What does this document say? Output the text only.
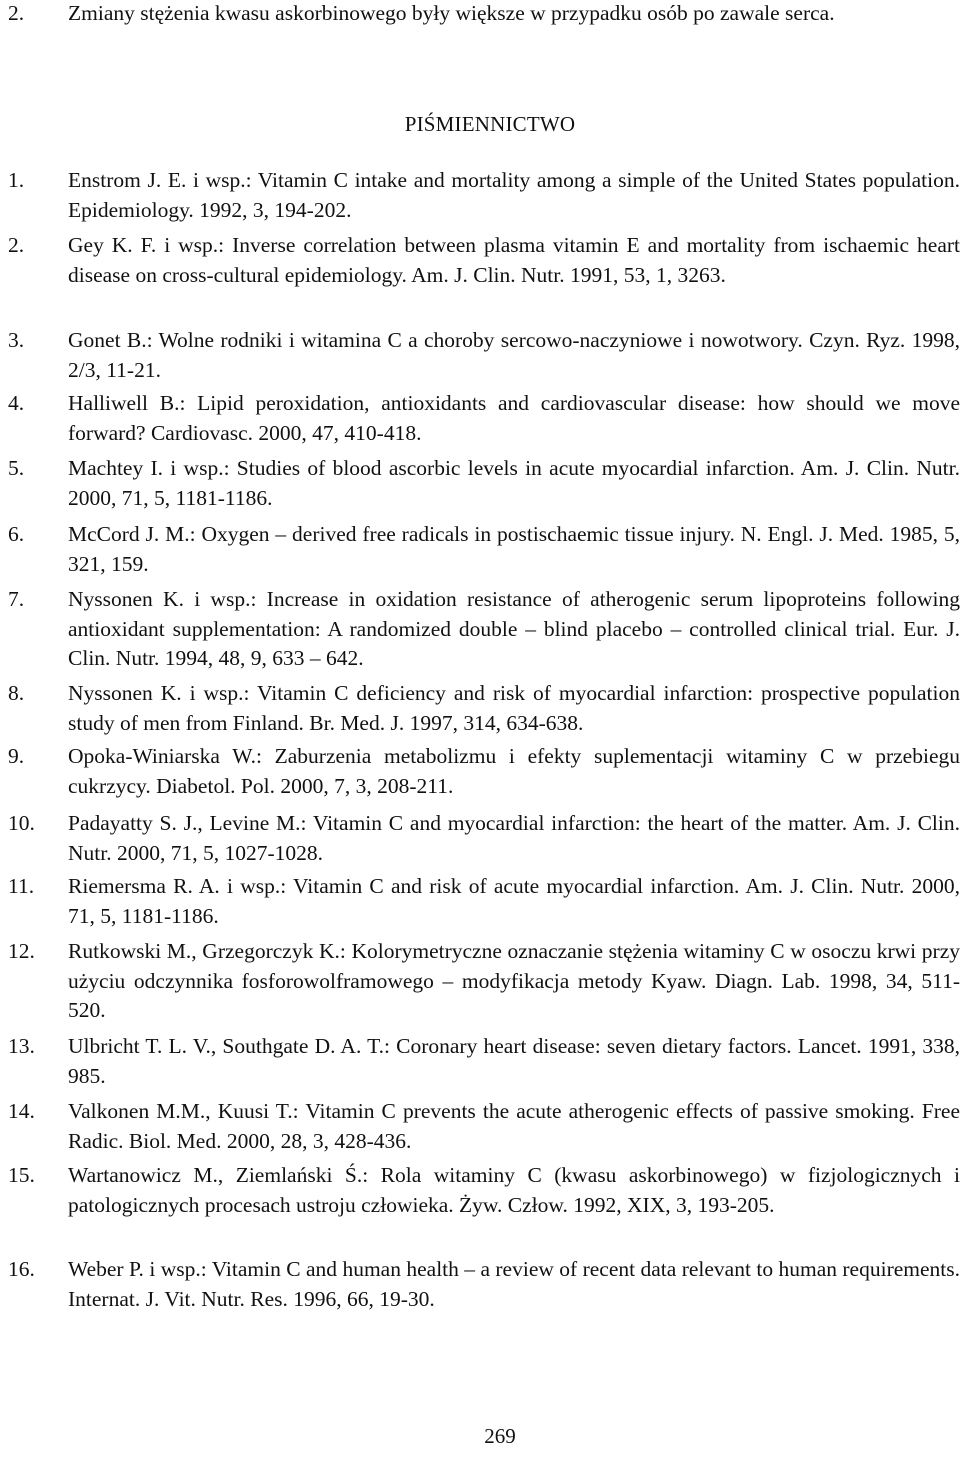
2.	Zmiany stężenia kwasu askorbinowego były większe w przypadku osób po zawale serca.
PIŚMIENNICTWO
1.	Enstrom J. E. i wsp.: Vitamin C intake and mortality among a simple of the United States population. Epidemiology. 1992, 3, 194-202.
2.	Gey K. F. i wsp.: Inverse correlation between plasma vitamin E and mortality from ischaemic heart disease on cross-cultural epidemiology. Am. J. Clin. Nutr. 1991, 53, 1, 3263.
3.	Gonet B.: Wolne rodniki i witamina C a choroby sercowo-naczyniowe i nowotwory. Czyn. Ryz. 1998, 2/3, 11-21.
4.	Halliwell B.: Lipid peroxidation, antioxidants and cardiovascular disease: how should we move forward? Cardiovasc. 2000, 47, 410-418.
5.	Machtey I. i wsp.: Studies of blood ascorbic levels in acute myocardial infarction. Am. J. Clin. Nutr. 2000, 71, 5, 1181-1186.
6.	McCord J. M.: Oxygen – derived free radicals in postischaemic tissue injury. N. Engl. J. Med. 1985, 5, 321, 159.
7.	Nyssonen K. i wsp.: Increase in oxidation resistance of atherogenic serum lipoproteins following antioxidant supplementation: A randomized double – blind placebo – controlled clinical trial. Eur. J. Clin. Nutr. 1994, 48, 9, 633 – 642.
8.	Nyssonen K. i wsp.: Vitamin C deficiency and risk of myocardial infarction: prospective population study of men from Finland. Br. Med. J. 1997, 314, 634-638.
9.	Opoka-Winiarska W.: Zaburzenia metabolizmu i efekty suplementacji witaminy C w przebiegu cukrzycy. Diabetol. Pol. 2000, 7, 3, 208-211.
10.	Padayatty S. J., Levine M.: Vitamin C and myocardial infarction: the heart of the matter. Am. J. Clin. Nutr. 2000, 71, 5, 1027-1028.
11.	Riemersma R. A. i wsp.: Vitamin C and risk of acute myocardial infarction. Am. J. Clin. Nutr. 2000, 71, 5, 1181-1186.
12.	Rutkowski M., Grzegorczyk K.: Kolorymetryczne oznaczanie stężenia witaminy C w osoczu krwi przy użyciu odczynnika fosforowolframowego – modyfikacja metody Kyaw. Diagn. Lab. 1998, 34, 511-520.
13.	Ulbricht T. L. V., Southgate D. A. T.: Coronary heart disease: seven dietary factors. Lancet. 1991, 338, 985.
14.	Valkonen M.M., Kuusi T.: Vitamin C prevents the acute atherogenic effects of passive smoking. Free Radic. Biol. Med. 2000, 28, 3, 428-436.
15.	Wartanowicz M., Ziemlański Ś.: Rola witaminy C (kwasu askorbinowego) w fizjologicznych i patologicznych procesach ustroju człowieka. Żyw. Człow. 1992, XIX, 3, 193-205.
16.	Weber P. i wsp.: Vitamin C and human health – a review of recent data relevant to human requirements. Internat. J. Vit. Nutr. Res. 1996, 66, 19-30.
269
